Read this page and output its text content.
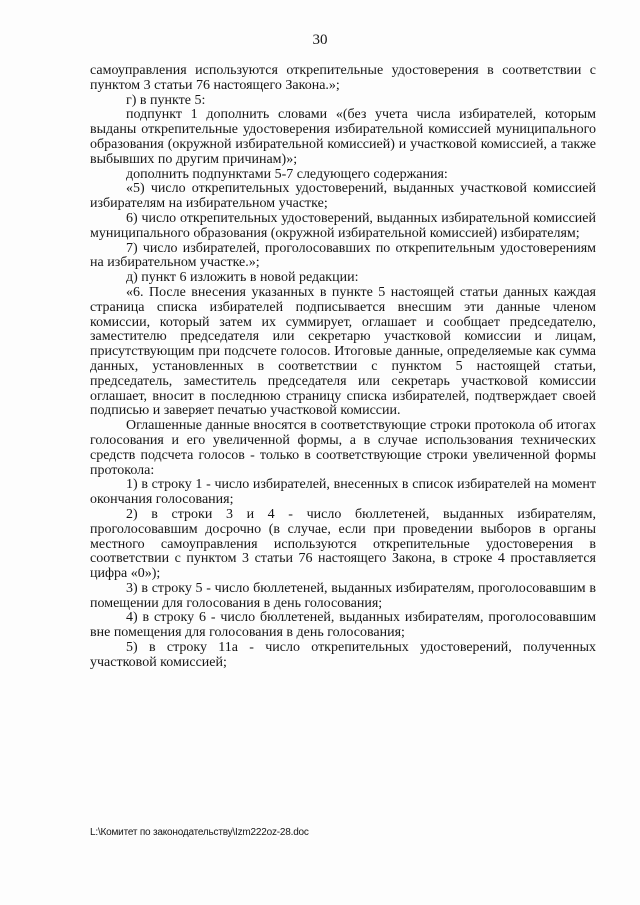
30

самоуправления используются открепительные удостоверения в соответствии с пунктом 3 статьи 76 настоящего Закона.»;

г) в пункте 5:

подпункт 1 дополнить словами «(без учета числа избирателей, которым выданы открепительные удостоверения избирательной комиссией муниципального образования (окружной избирательной комиссией) и участковой комиссией, а также выбывших по другим причинам)»;

дополнить подпунктами 5-7 следующего содержания:

«5) число открепительных удостоверений, выданных участковой комиссией избирателям на избирательном участке;

6) число открепительных удостоверений, выданных избирательной комиссией муниципального образования (окружной избирательной комиссией) избирателям;

7) число избирателей, проголосовавших по открепительным удостоверениям на избирательном участке.»;

д) пункт 6 изложить в новой редакции:

«6. После внесения указанных в пункте 5 настоящей статьи данных каждая страница списка избирателей подписывается внесшим эти данные членом комиссии, который затем их суммирует, оглашает и сообщает председателю, заместителю председателя или секретарю участковой комиссии и лицам, присутствующим при подсчете голосов. Итоговые данные, определяемые как сумма данных, установленных в соответствии с пунктом 5 настоящей статьи, председатель, заместитель председателя или секретарь участковой комиссии оглашает, вносит в последнюю страницу списка избирателей, подтверждает своей подписью и заверяет печатью участковой комиссии.

Оглашенные данные вносятся в соответствующие строки протокола об итогах голосования и его увеличенной формы, а в случае использования технических средств подсчета голосов - только в соответствующие строки увеличенной формы протокола:

1) в строку 1 - число избирателей, внесенных в список избирателей на момент окончания голосования;

2) в строки 3 и 4 - число бюллетеней, выданных избирателям, проголосовавшим досрочно (в случае, если при проведении выборов в органы местного самоуправления используются открепительные удостоверения в соответствии с пунктом 3 статьи 76 настоящего Закона, в строке 4 проставляется цифра «0»);

3) в строку 5 - число бюллетеней, выданных избирателям, проголосовавшим в помещении для голосования в день голосования;

4) в строку 6 - число бюллетеней, выданных избирателям, проголосовавшим вне помещения для голосования в день голосования;

5) в строку 11а - число открепительных удостоверений, полученных участковой комиссией;

L:\Комитет по законодательству\Izm222oz-28.doc
